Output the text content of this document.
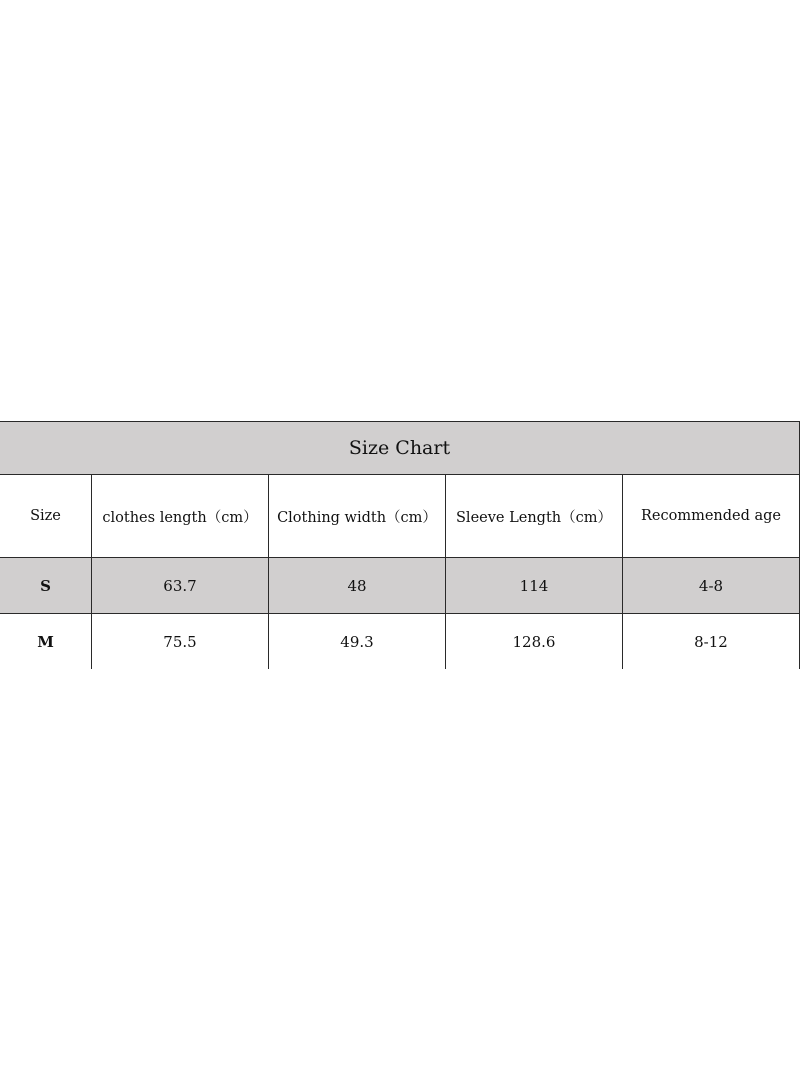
Size Chart
Size	clothes length（cm）	Clothing width（cm）	Sleeve Length（cm）	Recommended age
S	63.7	48	114	4-8
M	75.5	49.3	128.6	8-12
